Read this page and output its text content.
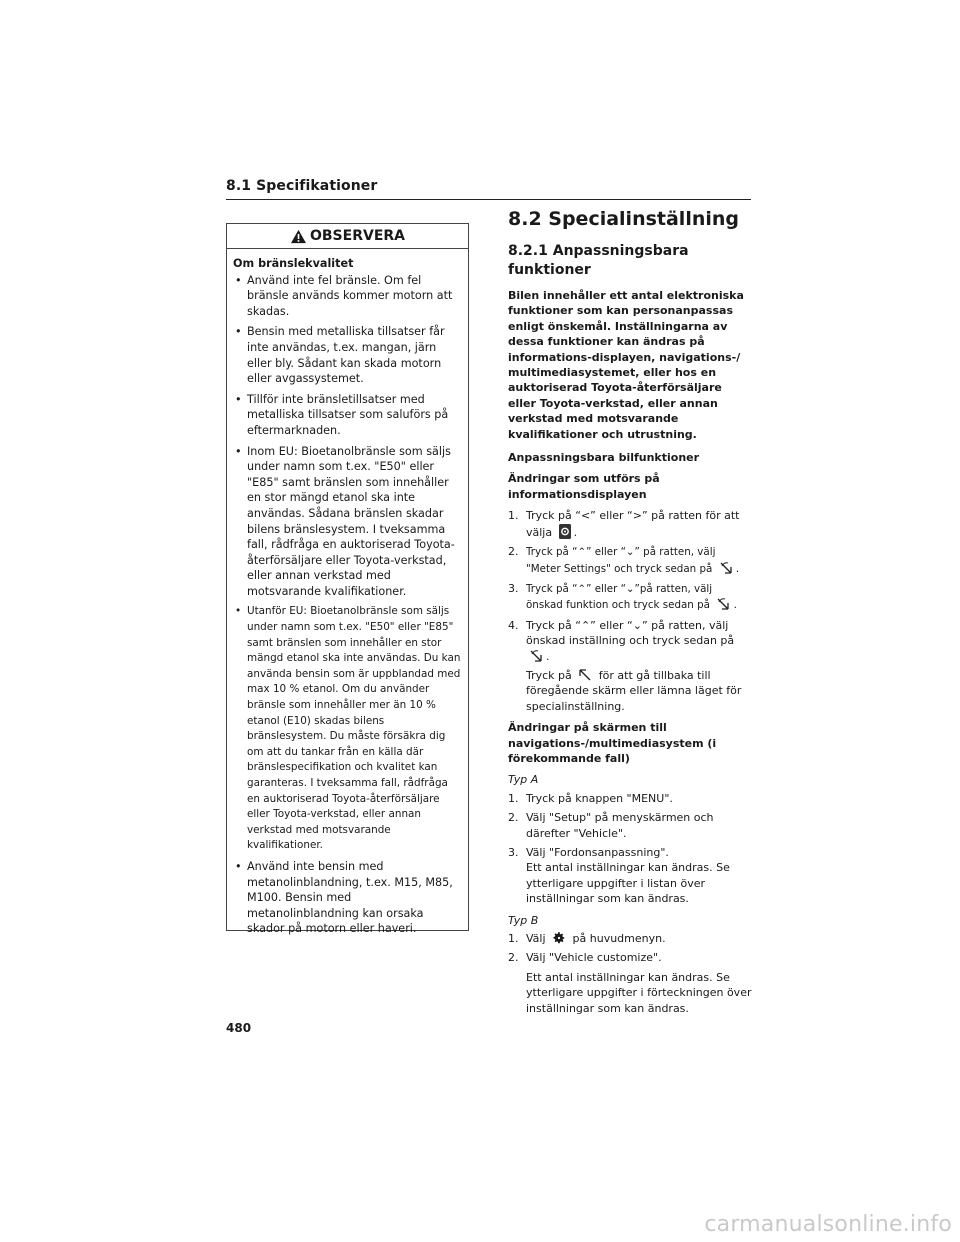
8.1 Specifikationer
OBSERVERA
Om bränslekvalitet
• Använd inte fel bränsle. Om fel bränsle används kommer motorn att skadas.
• Bensin med metalliska tillsatser får inte användas, t.ex. mangan, järn eller bly. Sådant kan skada motorn eller avgassystemet.
• Tillför inte bränsletillsatser med metalliska tillsatser som saluförs på eftermarknaden.
• Inom EU: Bioetanolbränsle som säljs under namn som t.ex. "E50" eller "E85" samt bränslen som innehåller en stor mängd etanol ska inte användas. Sådana bränslen skadar bilens bränslesystem. I tveksamma fall, rådfråga en auktoriserad Toyota-återförsäljare eller Toyota-verkstad, eller annan verkstad med motsvarande kvalifikationer.
• Utanför EU: Bioetanolbränsle som säljs under namn som t.ex. "E50" eller "E85" samt bränslen som innehåller en stor mängd etanol ska inte användas. Du kan använda bensin som är uppblandad med max 10 % etanol. Om du använder bränsle som innehåller mer än 10 % etanol (E10) skadas bilens bränslesystem. Du måste försäkra dig om att du tankar från en källa där bränslespecifikation och kvalitet kan garanteras. I tveksamma fall, rådfråga en auktoriserad Toyota-återförsäljare eller Toyota-verkstad, eller annan verkstad med motsvarande kvalifikationer.
• Använd inte bensin med metanolinblandning, t.ex. M15, M85, M100. Bensin med metanolinblandning kan orsaka skador på motorn eller haveri.
8.2 Specialinställning
8.2.1 Anpassningsbara funktioner
Bilen innehåller ett antal elektroniska funktioner som kan personanpassas enligt önskemål. Inställningarna av dessa funktioner kan ändras på informations-displayen, navigations-/ multimediasystemet, eller hos en auktoriserad Toyota-återförsäljare eller Toyota-verkstad, eller annan verkstad med motsvarande kvalifikationer och utrustning.
Anpassningsbara bilfunktioner
Ändringar som utförs på informationsdisplayen
1. Tryck på “<” eller “>” på ratten för att välja .
2. Tryck på “⌃” eller “⌄” på ratten, välj "Meter Settings" och tryck sedan på .
3. Tryck på “⌃” eller “⌄”på ratten, välj önskad funktion och tryck sedan på .
4. Tryck på “⌃” eller “⌄” på ratten, välj önskad inställning och tryck sedan på .
Tryck på för att gå tillbaka till föregående skärm eller lämna läget för specialinställning.
Ändringar på skärmen till navigations-/multimediasystem (i förekommande fall)
Typ A
1. Tryck på knappen "MENU".
2. Välj "Setup" på menyskärmen och därefter "Vehicle".
3. Välj "Fordonsanpassning".
Ett antal inställningar kan ändras. Se ytterligare uppgifter i listan över inställningar som kan ändras.
Typ B
1. Välj på huvudmenyn.
2. Välj "Vehicle customize".
Ett antal inställningar kan ändras. Se ytterligare uppgifter i förteckningen över inställningar som kan ändras.
480
carmanualsonline.info
